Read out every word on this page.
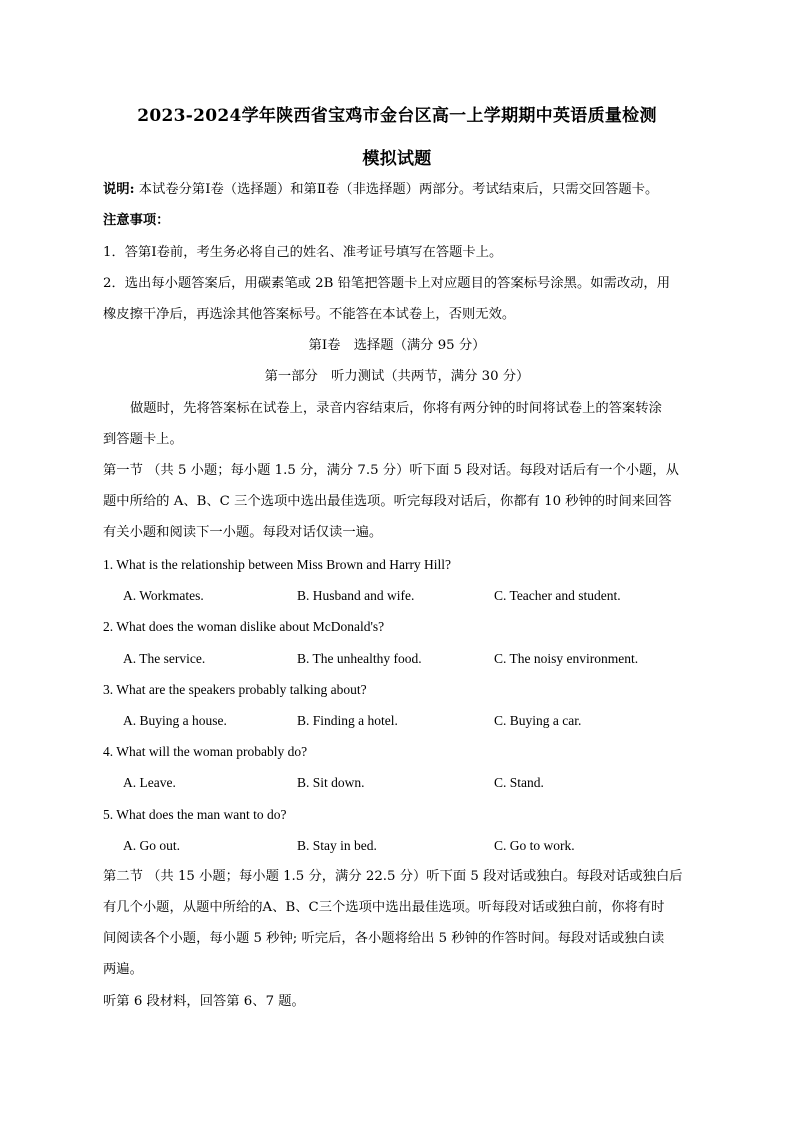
2023-2024学年陕西省宝鸡市金台区高一上学期期中英语质量检测
模拟试题
说明: 本试卷分第Ⅰ卷（选择题）和第Ⅱ卷（非选择题）两部分。考试结束后，只需交回答题卡。
注意事项：
1．答第Ⅰ卷前，考生务必将自己的姓名、准考证号填写在答题卡上。
2．选出每小题答案后，用碳素笔或 2B 铅笔把答题卡上对应题目的答案标号涂黑。如需改动，用
橡皮擦干净后，再选涂其他答案标号。不能答在本试卷上，否则无效。
第Ⅰ卷　选择题（满分 95 分）
第一部分　听力测试（共两节，满分 30 分）
做题时，先将答案标在试卷上，录音内容结束后，你将有两分钟的时间将试卷上的答案转涂
到答题卡上。
第一节 （共 5 小题；每小题 1.5 分，满分 7.5 分）听下面 5 段对话。每段对话后有一个小题，从
题中所给的 A、B、C 三个选项中选出最佳选项。听完每段对话后，你都有 10 秒钟的时间来回答
有关小题和阅读下一小题。每段对话仅读一遍。
1. What is the relationship between Miss Brown and Harry Hill?
A. Workmates.	B. Husband and wife.	C. Teacher and student.
2. What does the woman dislike about McDonald's?
A. The service.	B. The unhealthy food.	C. The noisy environment.
3. What are the speakers probably talking about?
A. Buying a house.	B. Finding a hotel.	C. Buying a car.
4. What will the woman probably do?
A. Leave.	B. Sit down.	C. Stand.
5. What does the man want to do?
A. Go out.	B. Stay in bed.	C. Go to work.
第二节 （共 15 小题；每小题 1.5 分，满分 22.5 分）听下面 5 段对话或独白。每段对话或独白后
有几个小题，从题中所给的A、B、C三个选项中选出最佳选项。听每段对话或独白前，你将有时
间阅读各个小题，每小题 5 秒钟; 听完后，各小题将给出 5 秒钟的作答时间。每段对话或独白读
两遍。
听第 6 段材料，回答第 6、7 题。
